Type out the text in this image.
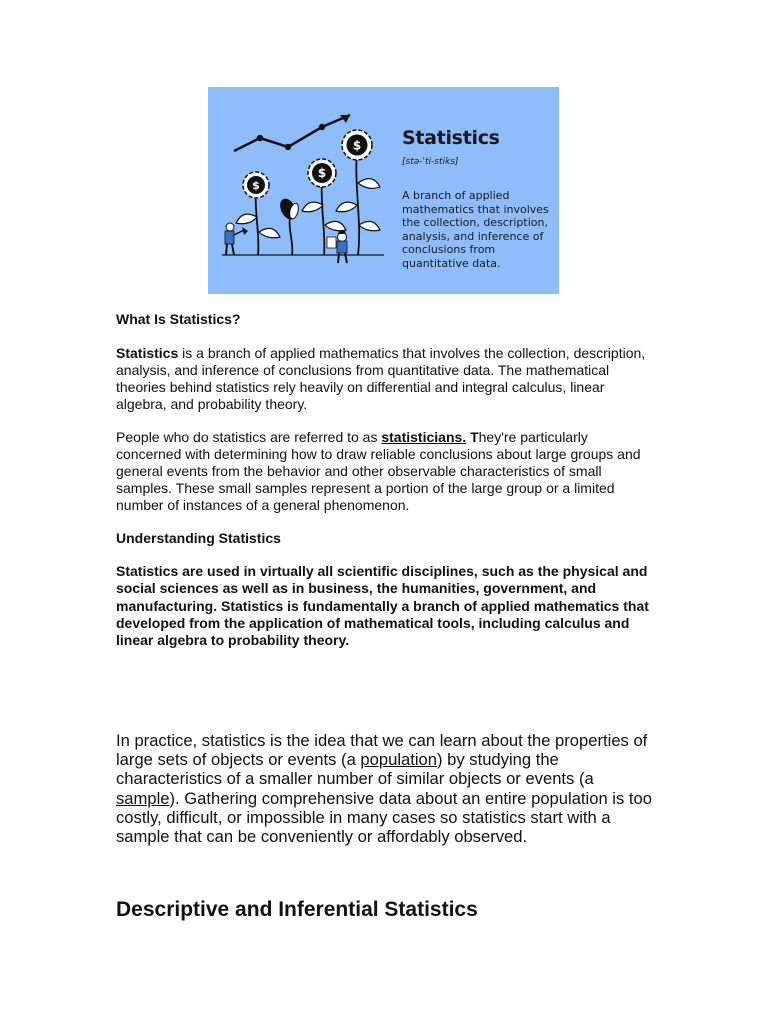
$
$
$ Statistics
[stə-ˈti-stiks]
A branch of applied mathematics that involves the collection, description, analysis, and inference of conclusions from quantitative data.
What Is Statistics?
Statistics is a branch of applied mathematics that involves the collection, description, analysis, and inference of conclusions from quantitative data. The mathematical theories behind statistics rely heavily on differential and integral calculus, linear algebra, and probability theory.
People who do statistics are referred to as statisticians. They're particularly concerned with determining how to draw reliable conclusions about large groups and general events from the behavior and other observable characteristics of small samples. These small samples represent a portion of the large group or a limited number of instances of a general phenomenon.
Understanding Statistics
Statistics are used in virtually all scientific disciplines, such as the physical and social sciences as well as in business, the humanities, government, and manufacturing. Statistics is fundamentally a branch of applied mathematics that developed from the application of mathematical tools, including calculus and linear algebra to probability theory.
In practice, statistics is the idea that we can learn about the properties of large sets of objects or events (a population) by studying the characteristics of a smaller number of similar objects or events (a sample). Gathering comprehensive data about an entire population is too costly, difficult, or impossible in many cases so statistics start with a sample that can be conveniently or affordably observed.
Descriptive and Inferential Statistics
